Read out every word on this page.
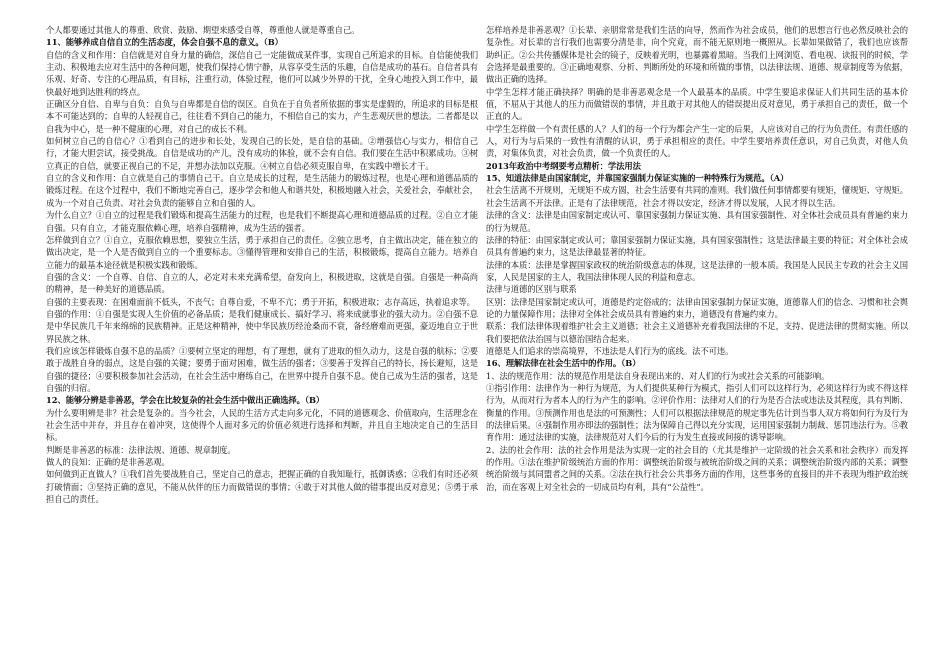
个人都要通过其他人的尊重、欣赏、鼓励、期望来感受自尊，尊重他人就是尊重自己。

11、能够养成自信自立的生活态度，体会自强不息的意义。（B）

自信的含义和作用：自信就是对自身力量的确信，深信自己一定能做成某件事，实现自己所追求的目标。自信能使我们主动、积极地去应对生活中的各种问题，使我们保持心情宁静，从容享受生活的乐趣，自信是成功的基石。自信者具有乐观、好奇、专注的心理品质，有目标，注重行动，体验过程，他们可以减少外界的干扰，全身心地投入到工作中，最快最好地到达胜利的终点。

正确区分自信、自卑与自负：自负与自卑都是自信的误区。自负在于自负者所依据的事实是虚假的，所追求的目标是根本不可能达到的；自卑的人轻视自己，往往看不到自己的能力，不相信自己的实力，产生悲观厌世的想法。二者都是以自我为中心，是一种不健康的心理，对自己的成长不利。

如何树立自己的自信心？①看到自己的进步和长处，发现自己的长处，是自信的基础。②增强信心与实力，相信自己行，才能大胆尝试，接受挑战。自信是成功的产儿，没有成功的体验，就不会有自信。我们要在生活中积累成功。③树立真正的自信，就要正视自己的不足，并想办法加以克服。④树立自信必须克服自卑，在实践中增长才干。

自立的含义和作用：自立就是自己的事情自己干。自立是成长的过程，是生活能力的锻炼过程，也是心理和道德品质的锻炼过程。在这个过程中，我们不断地完善自己，逐步学会和他人和谐共处，积极地融入社会，关爱社会，奉献社会，成为一个对自己负责、对社会负责的能够自立和自强的人。

为什么自立？①自立的过程是我们锻炼和提高生活能力的过程，也是我们不断提高心理和道德品质的过程。②自立才能自强。只有自立，才能克服依赖心理，培养自强精神，成为生活的强者。

怎样做到自立？①自立，克服依赖思想，要独立生活，勇于承担自己的责任。②独立思考，自主做出决定，能在独立的做出决定，是一个人是否做到自立的一个重要标志。③懂得管理和安排自己的生活，积极锻炼，提高自立能力。培养自立能力的最基本途径就是积极实践和锻炼。

自强的含义：一个自尊、自信、自立的人，必定对未来充满希望，奋发向上，积极进取，这就是自强。自强是一种高尚的精神，是一种美好的道德品质。

自强的主要表现：在困难面前不低头，不丧气；自尊自爱，不卑不亢；勇于开拓，积极进取；志存高远，执着追求等。

自强的作用：①自强是实现人生价值的必备品质；是我们健康成长、搞好学习、将来成就事业的强大动力。②自强不息是中华民族几千年来绵绵的民族精神。正是这种精神，使中华民族历经沧桑而不衰，备经磨难而更强，豪迈地自立于世界民族之林。

我们应该怎样锻炼自强不息的品质？①要树立坚定的理想，有了理想，就有了进取的恒久动力，这是自强的航标；②要敢于战胜自身的弱点，这是自强的关键；要勇于面对困难，做生活的强者；③要善于发挥自己的特长，扬长避短，这是自强的捷径；④要积极参加社会活动，在社会生活中磨练自己，在世界中提升自强不息。使自己成为生活的强者，这是自强的归宿。

12、能够分辨是非善恶，学会在比较复杂的社会生活中做出正确选择。（B）

为什么要明辨是非？社会是复杂的。当今社会，人民的生活方式走向多元化，不同的道德观念、价值取向，生活理念在社会生活中并存，并且存在着冲突，这使得个人面对多元的价值必须进行选择和判断，并且自主地决定自己的生活目标。

判断是非善恶的标准：法律法规、道德、规章制度。

做人的良知：正确的是非善恶观。

如何做到正直做人？①我们首先要战胜自己，坚定自己的意志，把握正确的自我知耻行，抵御诱惑；②我们有时还必须打破情面；③坚持正确的意见，不能从伙伴的压力而做错误的事情；④敢于对其他人做的错事提出反对意见；⑤勇于承担自己的责任。

怎样培养是非善恶观？①长辈、亲朋常常是我们生活的向导，然而作为社会成员，他们的思想言行也必然反映社会的复杂性。对长辈的言行我们也需要分清是非，向个究竟，而不能无原则地一概照从。长辈如果做错了，我们也应该帮助纠正。②公共传播媒体是社会的镜子，反映着光明，也暴露着黑暗。当我们上网浏览、看电视、读报刊的时候，学会选择是最重要的。③正确地观察、分析、判断所处的环境和所做的事情，以法律法规、道德、规章制度等为依据，做出正确的选择。

中学生怎样才能正确抉择？明确的是非善恶观念是一个人最基本的品质。中学生要追求保证人们共同生活的基本价值，不屈从于其他人的压力而做错误的事情，并且敢于对其他人的错误提出反对意见，勇于承担自己的责任，做一个正直的人。

中学生怎样做一个有责任感的人？人们的每一个行为都会产生一定的后果，人应该对自己的行为负责任。有责任感的人，对行为与后果的一致性有清醒的认识，勇于承担相应的责任。中学生要培养责任意识，对自己负责，对他人负责，对集体负责，对社会负责，做一个负责任的人。

2013年政治中考纲要考点精析：学法用法

15、知道法律是由国家制定，并靠国家强制力保证实施的一种特殊行为规范。（A）

社会生活离不开规则，无规矩不成方圆，社会生活要有共同的准则。我们做任何事情都要有规矩，懂规矩、守规矩。社会生活离不开法律。正是有了法律规范，社会才得以安定，经济才得以发展，人民才得以生活。

法律的含义：法律是由国家制定或认可、靠国家强制力保证实施、具有国家强制性、对全体社会成员具有普遍约束力的行为规范。

法律的特征：由国家制定或认可；靠国家强制力保证实施，具有国家强制性；这是法律最主要的特征；对全体社会成员具有普遍约束力，这是法律最显著的特征。

法律的本质：法律是掌握国家政权的统治阶级意志的体现，这是法律的一般本质。我国是人民民主专政的社会主义国家，人民是国家的主人，我国法律体现人民的利益和意志。

法律与道德的区别与联系

区别：法律是国家制定或认可，道德是约定俗成的；法律由国家强制力保证实施，道德靠人们的信念、习惯和社会舆论的力量保障作用；法律对全体社会成员具有普遍约束力，道德没有普遍约束力。

联系：我们法律体现着维护社会主义道德；社会主义道德补充着我国法律的不足，支持、促进法律的贯彻实施。所以我们要把依法治国与以德治国结合起来。

道德是人们追求的崇高境界，不违法是人们行为的底线。法不可违。

16、理解法律在社会生活中的作用。（B）

1、法的规范作用：法的规范作用是法自身表现出来的、对人们的行为或社会关系的可能影响。

①指引作用：法律作为一种行为规范，为人们提供某种行为模式，指引人们可以这样行为，必须这样行为或不得这样行为，从而对行为者本人的行为产生的影响。②评价作用：法律对人们的行为是否合法或违法及其程度，具有判断、衡量的作用。③预测作用也是法的可预测性；人们可以根据法律规范的规定事先估计到当事人双方将如何行为及行为的法律后果。④强制作用亦即法的强制性；法为保障自己得以充分实现，运用国家强制力制裁、惩罚违法行为。⑤教育作用：通过法律的实施，法律规范对人们今后的行为发生直接或间接的诱导影响。

2、法的社会作用：法的社会作用是法为实现一定的社会目的（尤其是维护一定阶级的社会关系和社会秩序）而发挥的作用。①法在维护阶级统治方面的作用：调整统治阶级与被统治阶级之间的关系；调整统治阶级内部的关系；调整统治阶级与其同盟者之间的关系。②法在执行社会公共事务方面的作用，这些事务的直接目的并不表现为维护政治统治，而在客观上对全社会的一切成员均有利，具有“公益性”。
